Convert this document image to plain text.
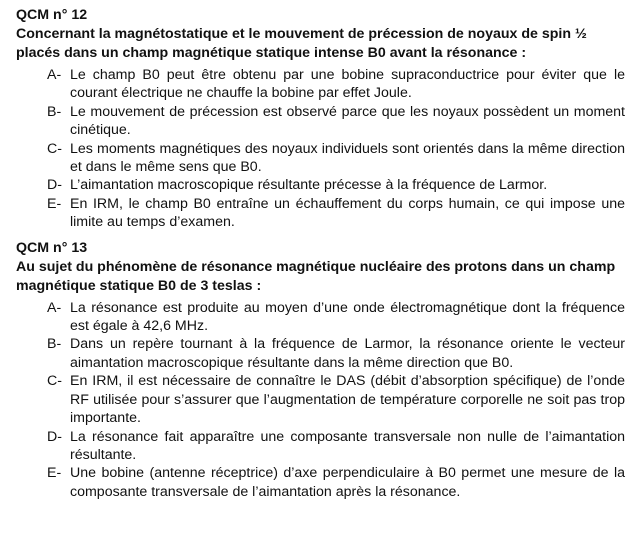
QCM n° 12

Concernant la magnétostatique et le mouvement de précession de noyaux de spin ½ placés dans un champ magnétique statique intense B0 avant la résonance :

A- Le champ B0 peut être obtenu par une bobine supraconductrice pour éviter que le courant électrique ne chauffe la bobine par effet Joule.
B- Le mouvement de précession est observé parce que les noyaux possèdent un moment cinétique.
C- Les moments magnétiques des noyaux individuels sont orientés dans la même direction et dans le même sens que B0.
D- L’aimantation macroscopique résultante précesse à la fréquence de Larmor.
E- En IRM, le champ B0 entraîne un échauffement du corps humain, ce qui impose une limite au temps d’examen.

QCM n° 13

Au sujet du phénomène de résonance magnétique nucléaire des protons dans un champ magnétique statique B0 de 3 teslas :

A- La résonance est produite au moyen d’une onde électromagnétique dont la fréquence est égale à 42,6 MHz.
B- Dans un repère tournant à la fréquence de Larmor, la résonance oriente le vecteur aimantation macroscopique résultante dans la même direction que B0.
C- En IRM, il est nécessaire de connaître le DAS (débit d’absorption spécifique) de l’onde RF utilisée pour s’assurer que l’augmentation de température corporelle ne soit pas trop importante.
D- La résonance fait apparaître une composante transversale non nulle de l’aimantation résultante.
E- Une bobine (antenne réceptrice) d’axe perpendiculaire à B0 permet une mesure de la composante transversale de l’aimantation après la résonance.
